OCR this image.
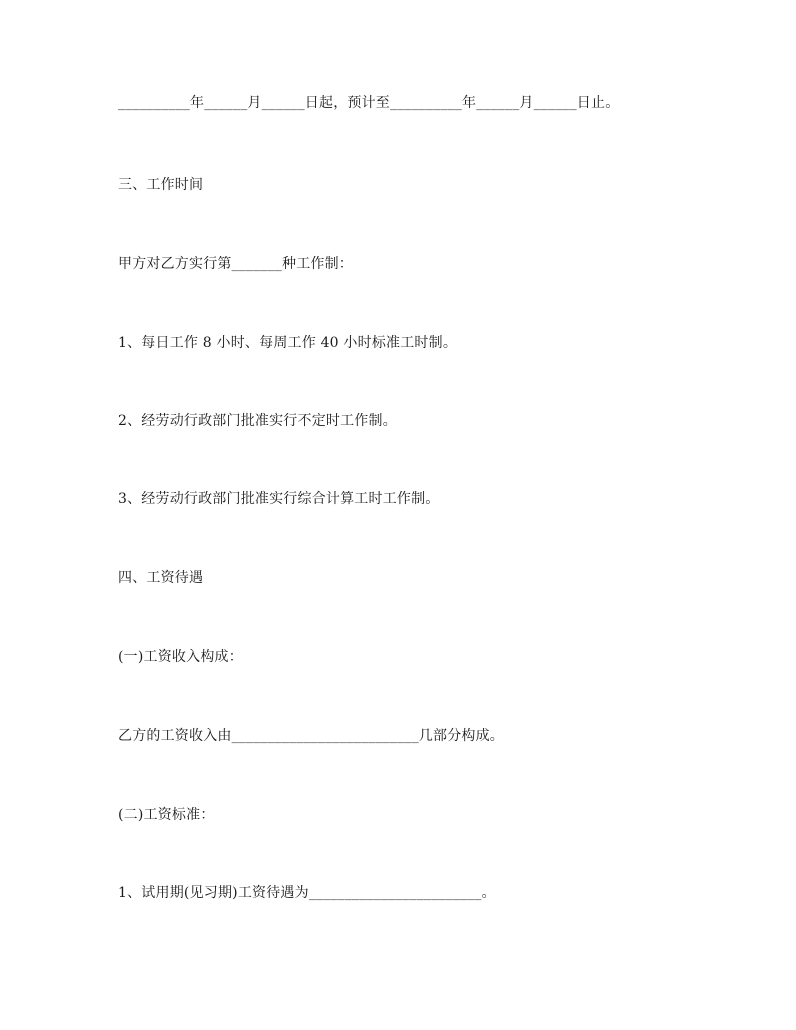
__________年______月______日起，预计至__________年______月______日止。
三、工作时间
甲方对乙方实行第_______种工作制：
1、每日工作 8 小时、每周工作 40 小时标准工时制。
2、经劳动行政部门批准实行不定时工作制。
3、经劳动行政部门批准实行综合计算工时工作制。
四、工资待遇
(一)工资收入构成：
乙方的工资收入由__________________________几部分构成。
(二)工资标准：
1、试用期(见习期)工资待遇为________________________。
